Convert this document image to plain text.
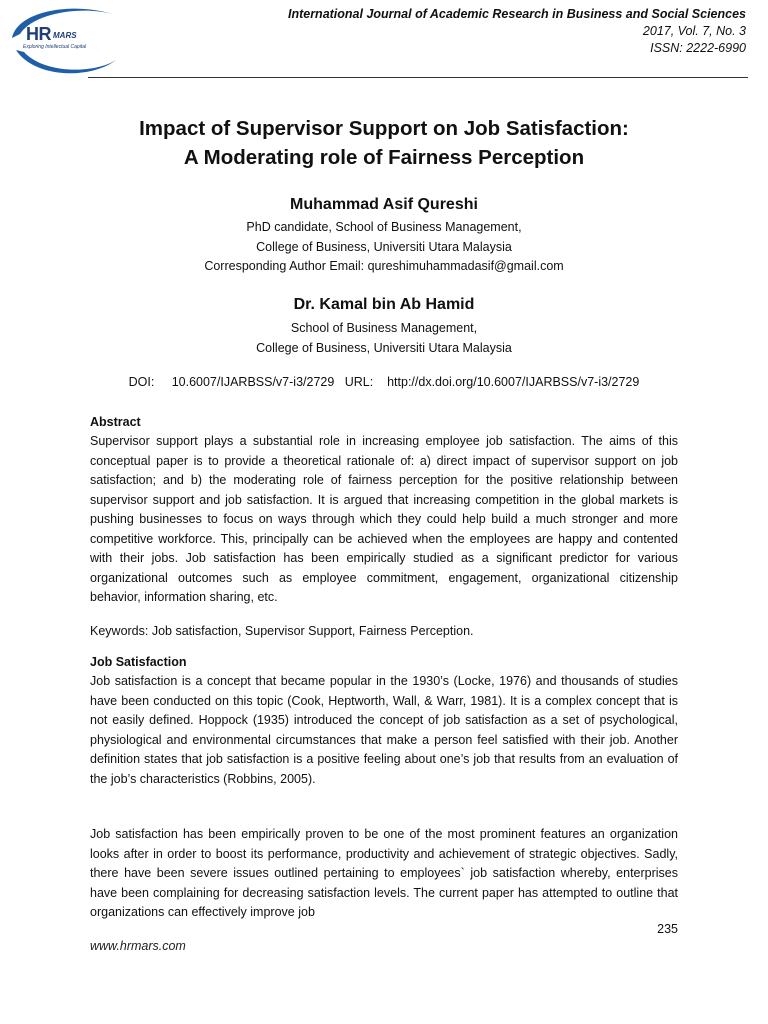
HR MARS
Exploring Intellectual Capital
International Journal of Academic Research in Business and Social Sciences
2017, Vol. 7, No. 3
ISSN: 2222-6990
Impact of Supervisor Support on Job Satisfaction:
A Moderating role of Fairness Perception
Muhammad Asif Qureshi
PhD candidate, School of Business Management,
College of Business, Universiti Utara Malaysia
Corresponding Author Email: qureshimuhammadasif@gmail.com
Dr. Kamal bin Ab Hamid
School of Business Management,
College of Business, Universiti Utara Malaysia
DOI:     10.6007/IJARBSS/v7-i3/2729   URL:    http://dx.doi.org/10.6007/IJARBSS/v7-i3/2729
Abstract

Supervisor support plays a substantial role in increasing employee job satisfaction. The aims of this conceptual paper is to provide a theoretical rationale of: a) direct impact of supervisor support on job satisfaction; and b) the moderating role of fairness perception for the positive relationship between supervisor support and job satisfaction. It is argued that increasing competition in the global markets is pushing businesses to focus on ways through which they could help build a much stronger and more competitive workforce. This, principally can be achieved when the employees are happy and contented with their jobs. Job satisfaction has been empirically studied as a significant predictor for various organizational outcomes such as employee commitment, engagement, organizational citizenship behavior, information sharing, etc.

Keywords: Job satisfaction, Supervisor Support, Fairness Perception.
Job Satisfaction

Job satisfaction is a concept that became popular in the 1930’s (Locke, 1976) and thousands of studies have been conducted on this topic (Cook, Heptworth, Wall, & Warr, 1981). It is a complex concept that is not easily defined. Hoppock (1935) introduced the concept of job satisfaction as a set of psychological, physiological and environmental circumstances that make a person feel satisfied with their job. Another definition states that job satisfaction is a positive feeling about one’s job that results from an evaluation of the job’s characteristics (Robbins, 2005).

Job satisfaction has been empirically proven to be one of the most prominent features an organization looks after in order to boost its performance, productivity and achievement of strategic objectives. Sadly, there have been severe issues outlined pertaining to employees` job satisfaction whereby, enterprises have been complaining for decreasing satisfaction levels. The current paper has attempted to outline that organizations can effectively improve job

235
www.hrmars.com
